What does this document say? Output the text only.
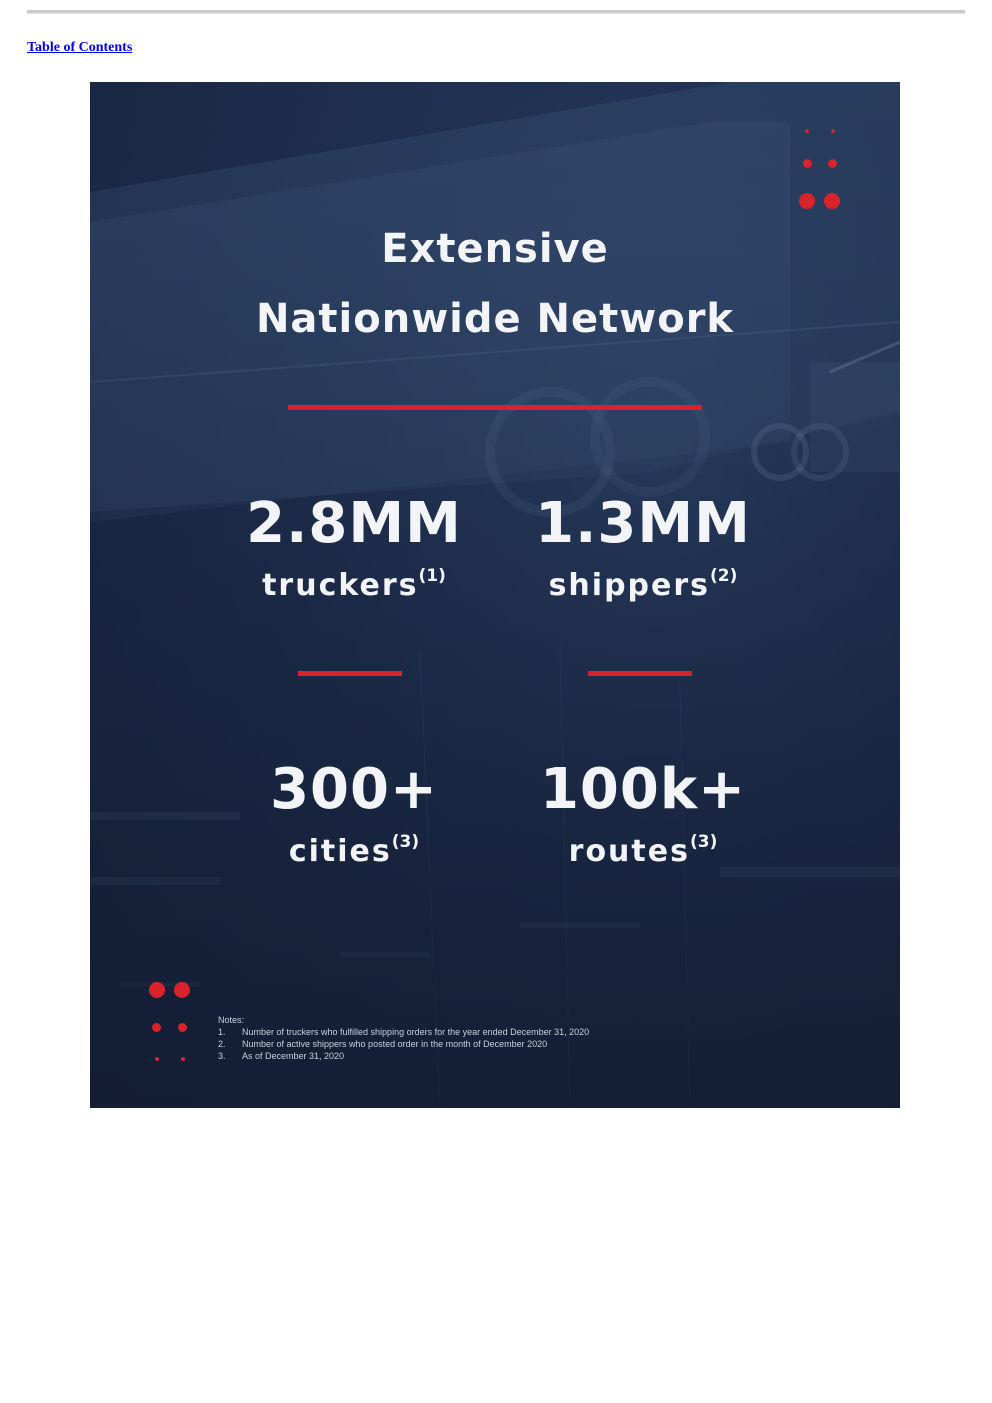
Table of Contents
Extensive
Nationwide Network
2.8MM
truckers$^{(1)}$
1.3MM
shippers$^{(2)}$
300+
cities$^{(3)}$
100k+
routes$^{(3)}$
Notes:
1.	Number of truckers who fulfilled shipping orders for the year ended December 31, 2020
2.	Number of active shippers who posted order in the month of December 2020
3.	As of December 31, 2020
